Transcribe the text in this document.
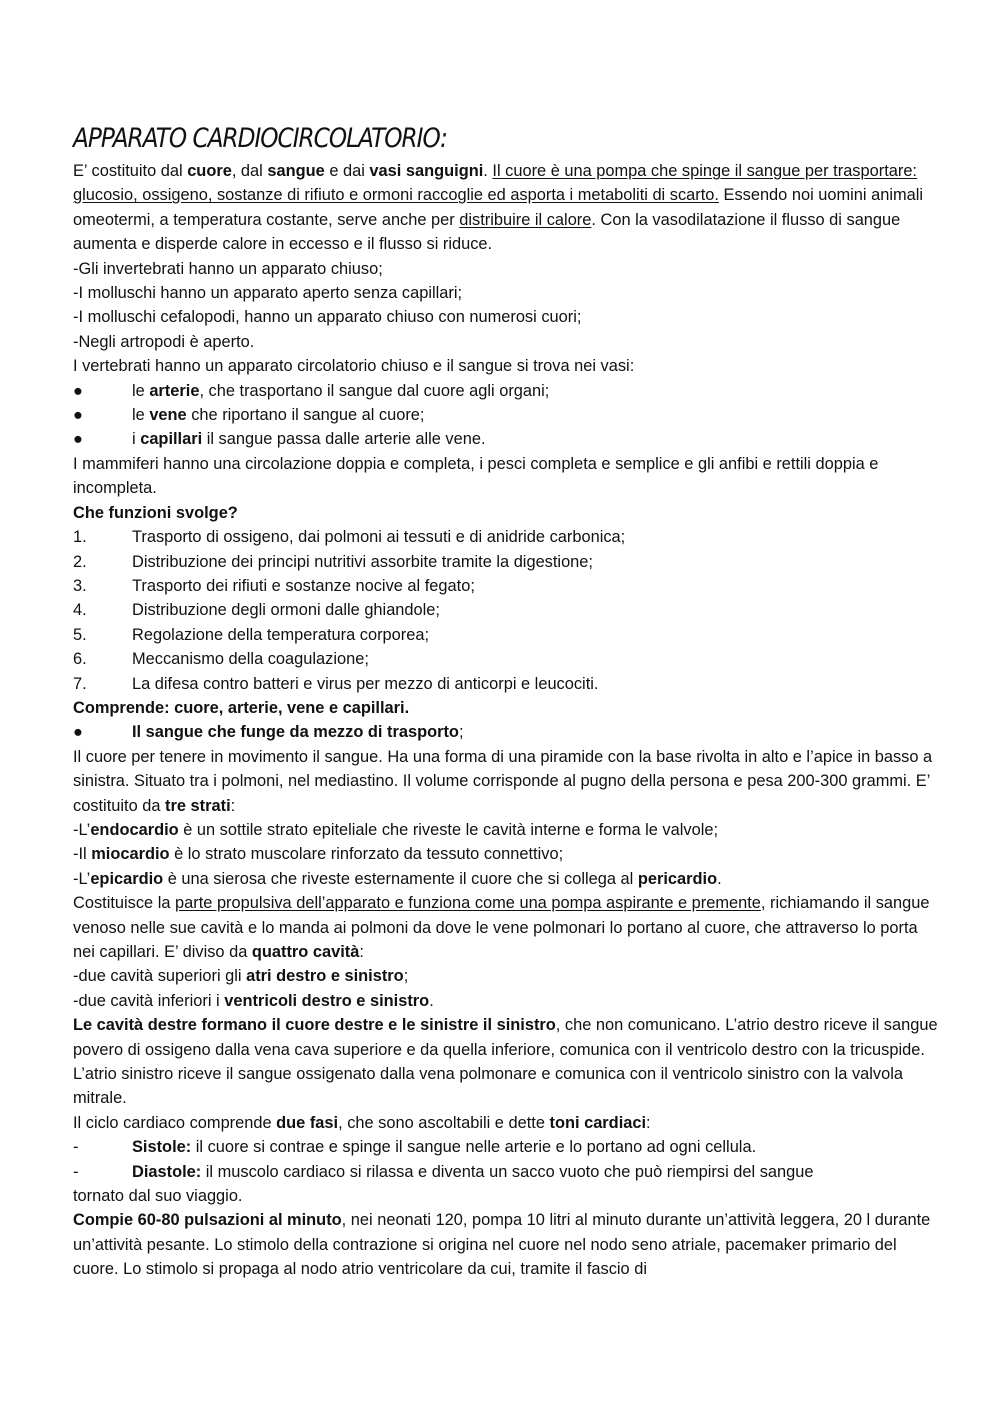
APPARATO CARDIOCIRCOLATORIO:

E’ costituito dal cuore, dal sangue e dai vasi sanguigni. Il cuore è una pompa che spinge il sangue per trasportare: glucosio, ossigeno, sostanze di rifiuto e ormoni raccoglie ed asporta i metaboliti di scarto. Essendo noi uomini animali omeotermi, a temperatura costante, serve anche per distribuire il calore. Con la vasodilatazione il flusso di sangue aumenta e disperde calore in eccesso e il flusso si riduce.

-Gli invertebrati hanno un apparato chiuso;

-I molluschi hanno un apparato aperto senza capillari;

-I molluschi cefalopodi, hanno un apparato chiuso con numerosi cuori;

-Negli artropodi è aperto.

I vertebrati hanno un apparato circolatorio chiuso e il sangue si trova nei vasi:

●	le arterie, che trasportano il sangue dal cuore agli organi;
●	le vene che riportano il sangue al cuore;
●	i capillari il sangue passa dalle arterie alle vene.

I mammiferi hanno una circolazione doppia e completa, i pesci completa e semplice e gli anfibi e rettili doppia e incompleta.

Che funzioni svolge?

1.	Trasporto di ossigeno, dai polmoni ai tessuti e di anidride carbonica;
2.	Distribuzione dei principi nutritivi assorbite tramite la digestione;
3.	Trasporto dei rifiuti e sostanze nocive al fegato;
4.	Distribuzione degli ormoni dalle ghiandole;
5.	Regolazione della temperatura corporea;
6.	Meccanismo della coagulazione;
7.	La difesa contro batteri e virus per mezzo di anticorpi e leucociti.

Comprende: cuore, arterie, vene e capillari.

●	Il sangue che funge da mezzo di trasporto;

Il cuore per tenere in movimento il sangue. Ha una forma di una piramide con la base rivolta in alto e l’apice in basso a sinistra. Situato tra i polmoni, nel mediastino. Il volume corrisponde al pugno della persona e pesa 200-300 grammi. E’ costituito da tre strati:

-L’endocardio è un sottile strato epiteliale che riveste le cavità interne e forma le valvole;

-Il miocardio è lo strato muscolare rinforzato da tessuto connettivo;

-L’epicardio è una sierosa che riveste esternamente il cuore che si collega al pericardio.

Costituisce la parte propulsiva dell’apparato e funziona come una pompa aspirante e premente, richiamando il sangue venoso nelle sue cavità e lo manda ai polmoni da dove le vene polmonari lo portano al cuore, che attraverso lo porta nei capillari. E’ diviso da quattro cavità:

-due cavità superiori gli atri destro e sinistro;

-due cavità inferiori i ventricoli destro e sinistro.

Le cavità destre formano il cuore destre e le sinistre il sinistro, che non comunicano. L’atrio destro riceve il sangue povero di ossigeno dalla vena cava superiore e da quella inferiore, comunica con il ventricolo destro con la tricuspide. L’atrio sinistro riceve il sangue ossigenato dalla vena polmonare e comunica con il ventricolo sinistro con la valvola mitrale.

Il ciclo cardiaco comprende due fasi, che sono ascoltabili e dette toni cardiaci:

-	Sistole: il cuore si contrae e spinge il sangue nelle arterie e lo portano ad ogni cellula.
-	Diastole: il muscolo cardiaco si rilassa e diventa un sacco vuoto che può riempirsi del sangue

tornato dal suo viaggio.

Compie 60-80 pulsazioni al minuto, nei neonati 120, pompa 10 litri al minuto durante un’attività leggera, 20 l durante un’attività pesante. Lo stimolo della contrazione si origina nel cuore nel nodo seno atriale, pacemaker primario del cuore. Lo stimolo si propaga al nodo atrio ventricolare da cui, tramite il fascio di
